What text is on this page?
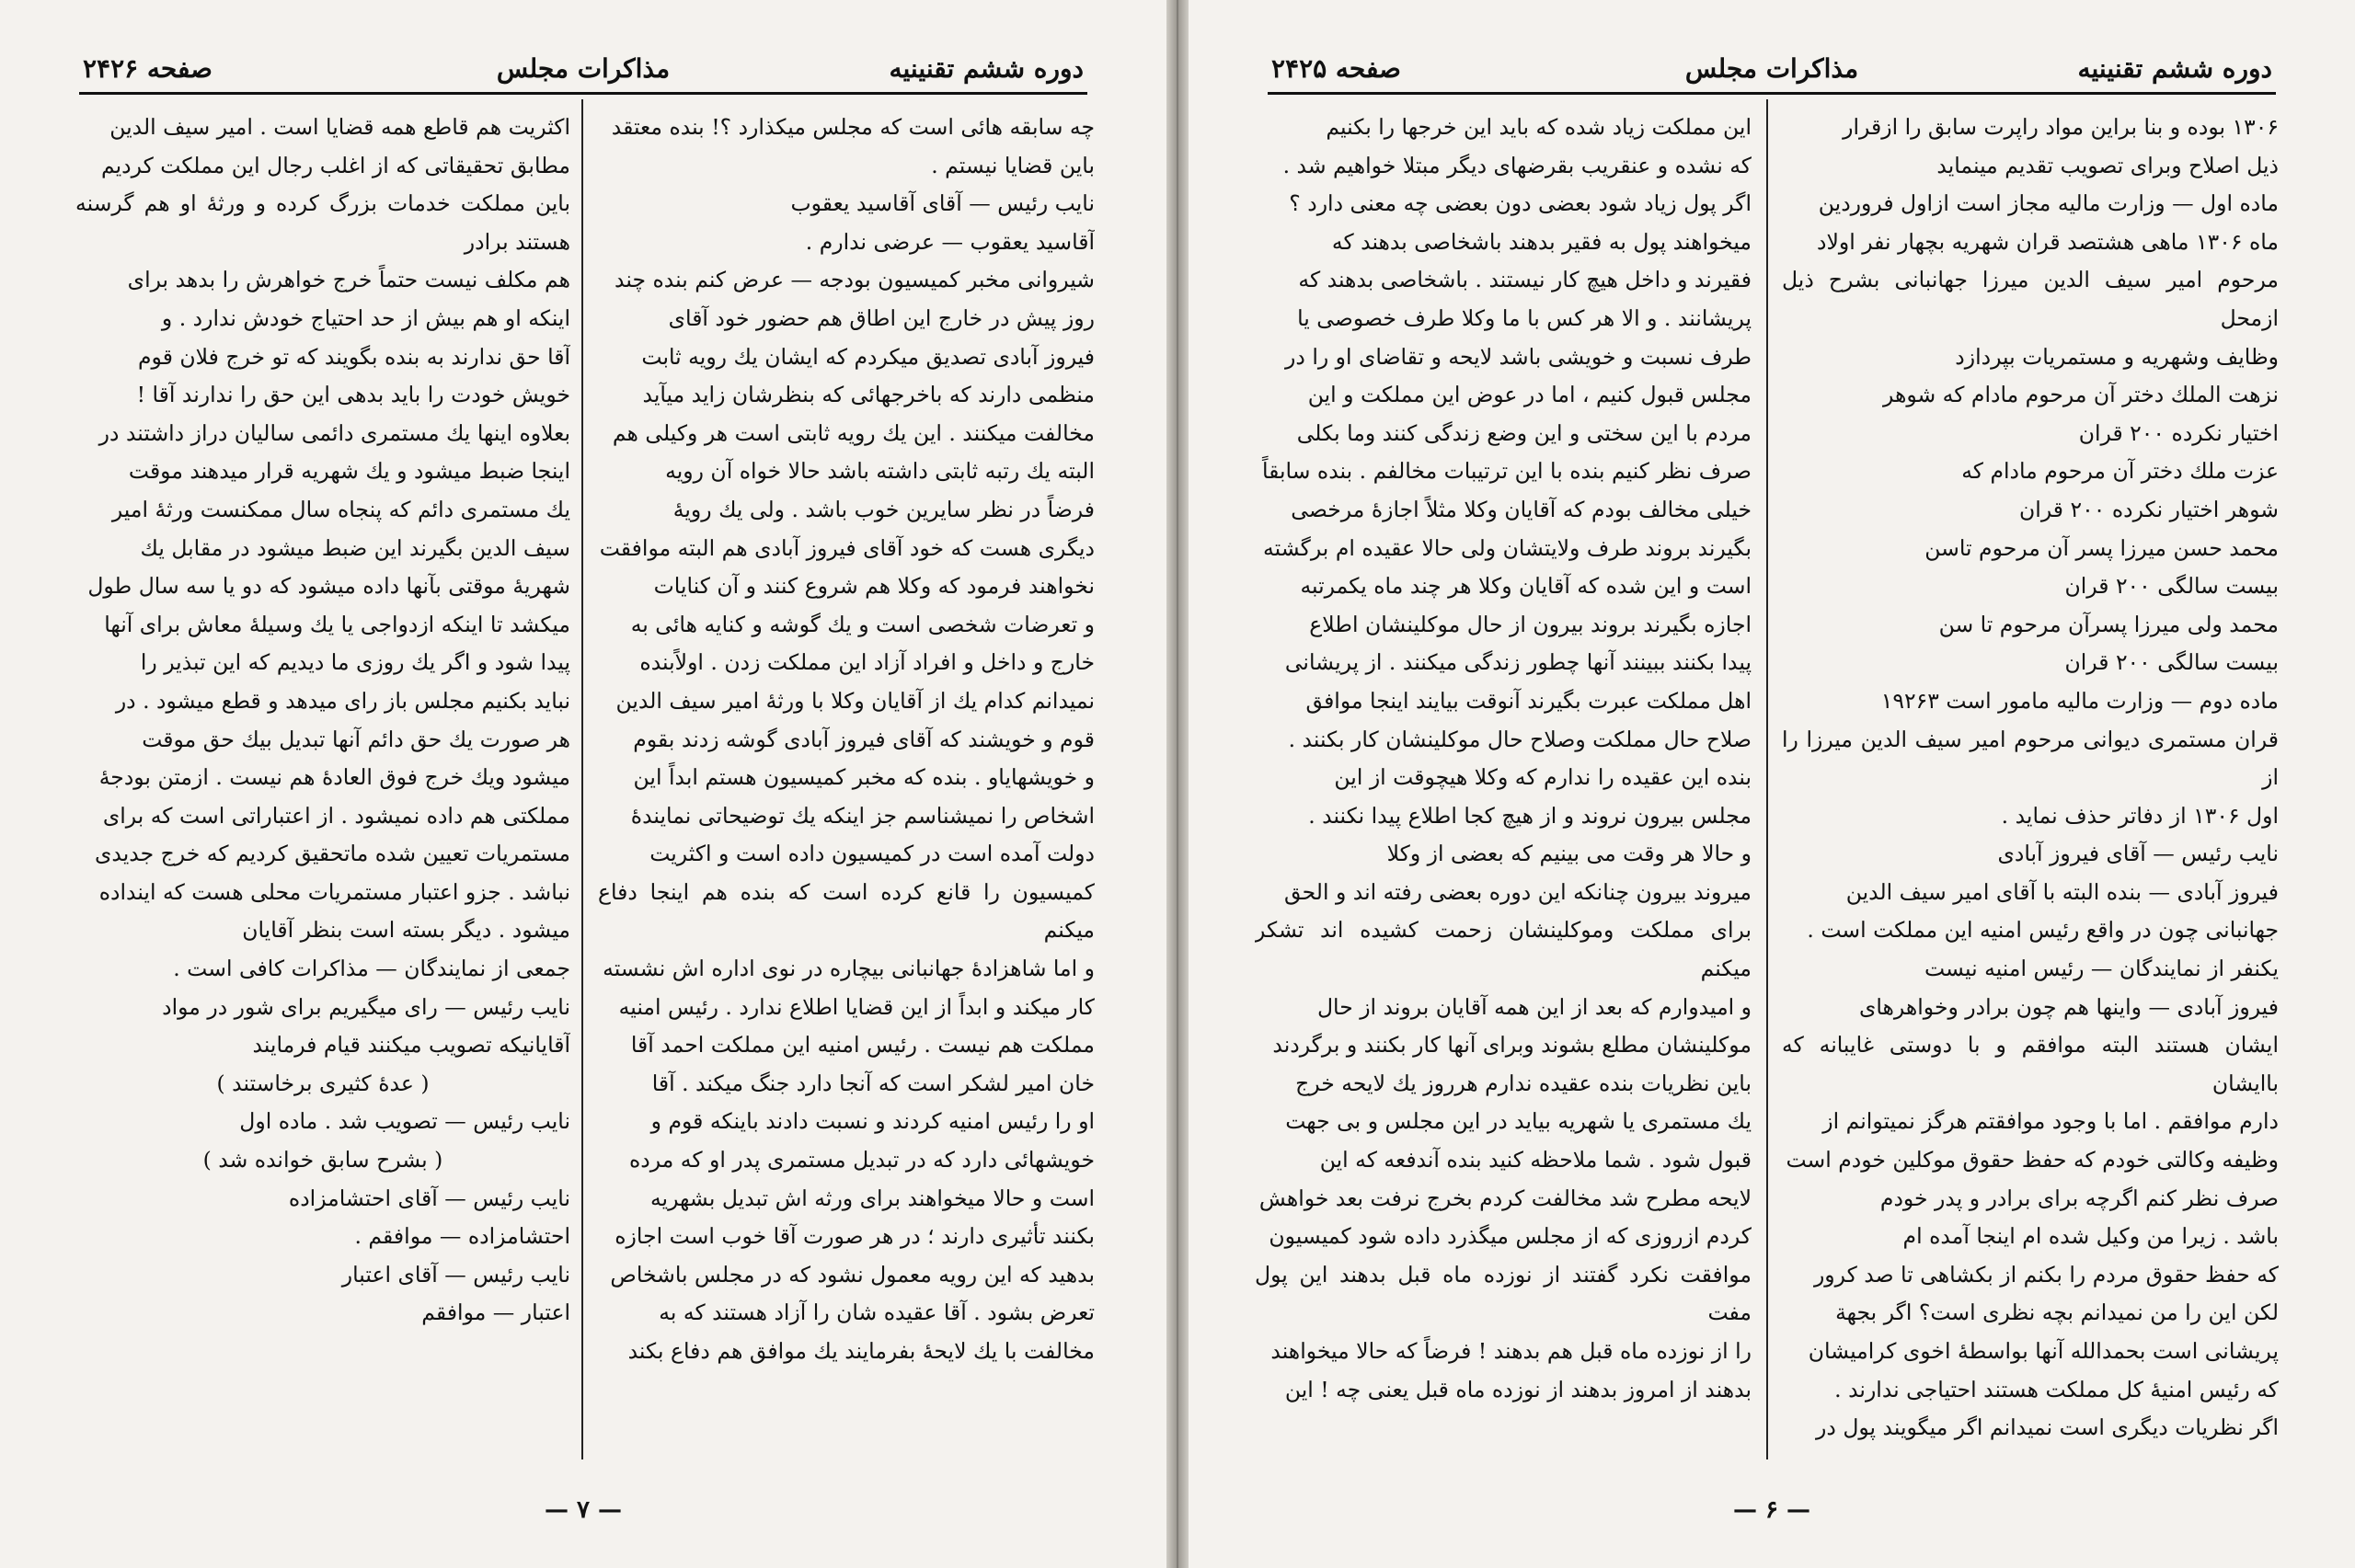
دوره ششم تقنینیه
مذاکرات مجلس
صفحه ۲۴۲۶

چه سابقه هائی است که مجلس میکذارد ؟! بنده معتقد

باین قضایا نیستم .

نایب رئیس — آقای آقاسید یعقوب

آقاسید یعقوب — عرضی ندارم .

شیروانی مخبر کمیسیون بودجه — عرض کنم بنده چند

روز پیش در خارج این اطاق هم حضور خود آقای

فیروز آبادی تصدیق میکردم که ایشان یك رویه ثابت

منظمی دارند که باخرجهائی که بنظرشان زاید میآید

مخالفت میکنند . این یك رویه ثابتی است هر وکیلی هم

البته یك رتبه ثابتی داشته باشد حالا خواه آن رویه

فرضاً در نظر سایرین خوب باشد . ولی یك رویهٔ

دیگری هست که خود آقای فیروز آبادی هم البته موافقت

نخواهند فرمود که وکلا هم شروع کنند و آن کنایات

و تعرضات شخصی است و یك گوشه و کنایه هائی به

خارج و داخل و افراد آزاد این مملکت زدن . اولاًبنده

نمیدانم کدام یك از آقایان وکلا با ورثهٔ امیر سیف الدین

قوم و خویشند که آقای فیروز آبادی گوشه زدند بقوم

و خویشهایاو . بنده که مخبر کمیسیون هستم ابداً این

اشخاص را نمیشناسم جز اینکه یك توضیحاتی نمایندهٔ

دولت آمده است در کمیسیون داده است و اکثریت

کمیسیون را قانع کرده است که بنده هم اینجا دفاع میکنم

و اما شاهزادهٔ جهانبانی بیچاره در نوی اداره اش نشسته

کار میکند و ابداً از این قضایا اطلاع ندارد . رئیس امنیه

مملکت هم نیست . رئیس امنیه این مملکت احمد آقا

خان امیر لشکر است که آنجا دارد جنگ میکند . آقا

او را رئیس امنیه کردند و نسبت دادند باینکه قوم و

خویشهائی دارد که در تبدیل مستمری پدر او که مرده

است و حالا میخواهند برای ورثه اش تبدیل بشهریه

بکنند تأثیری دارند ؛ در هر صورت آقا خوب است اجازه

بدهید که این رویه معمول نشود که در مجلس باشخاص

تعرض بشود . آقا عقیده شان را آزاد هستند که به

مخالفت با یك لایحهٔ بفرمایند یك موافق هم دفاع بکند

اکثریت هم قاطع همه قضایا است . امیر سیف الدین

مطابق تحقیقاتی که از اغلب رجال این مملکت کردیم

باین مملکت خدمات بزرگ کرده و ورثهٔ او هم گرسنه هستند برادر

هم مکلف نیست حتماً خرج خواهرش را بدهد برای

اینکه او هم بیش از حد احتیاج خودش ندارد . و

آقا حق ندارند به بنده بگویند که تو خرج فلان قوم

خویش خودت را باید بدهی این حق را ندارند آقا !

بعلاوه اینها یك مستمری دائمی سالیان دراز داشتند در

اینجا ضبط میشود و یك شهریه قرار میدهند موقت

یك مستمری دائم که پنجاه سال ممکنست ورثهٔ امیر

سیف الدین بگیرند این ضبط میشود در مقابل یك

شهریهٔ موقتی بآنها داده میشود که دو یا سه سال طول

میکشد تا اینکه ازدواجی یا یك وسیلهٔ معاش برای آنها

پیدا شود و اگر یك روزی ما دیدیم که این تبذیر را

نباید بکنیم مجلس باز رای میدهد و قطع میشود . در

هر صورت یك حق دائم آنها تبدیل بیك حق موقت

میشود ویك خرج فوق العادهٔ هم نیست . ازمتن بودجهٔ

مملکتی هم داده نمیشود . از اعتباراتی است که برای

مستمریات تعیین شده ماتحقیق کردیم که خرج جدیدی

نباشد . جزو اعتبار مستمریات محلی هست که اینداده

میشود . دیگر بسته است بنظر آقایان

جمعی از نمایندگان — مذاکرات کافی است .

نایب رئیس — رای میگیریم برای شور در مواد

آقایانیکه تصویب میکنند قیام فرمایند

( عدهٔ کثیری برخاستند )

نایب رئیس — تصویب شد . ماده اول

( بشرح سابق خوانده شد )

نایب رئیس — آقای احتشامزاده

احتشامزاده — موافقم .

نایب رئیس — آقای اعتبار

اعتبار — موافقم

— ۷ —
دوره ششم تقنینیه
مذاکرات مجلس
صفحه ۲۴۲۵

۱۳۰۶ بوده و بنا براین مواد راپرت سابق را ازقرار

ذیل اصلاح وبرای تصویب تقدیم مینماید

ماده اول — وزارت مالیه مجاز است ازاول فروردین

ماه ۱۳۰۶ ماهی هشتصد قران شهریه بچهار نفر اولاد

مرحوم امیر سیف الدین میرزا جهانبانی بشرح ذیل ازمحل

وظایف وشهریه و مستمریات بپردازد

نزهت الملك دختر آن مرحوم مادام که شوهر

اختیار نکرده ۲۰۰ قران

عزت ملك دختر آن مرحوم مادام که

شوهر اختیار نکرده ۲۰۰ قران

محمد حسن میرزا پسر آن مرحوم تاسن

بیست سالگی ۲۰۰ قران

محمد ولی میرزا پسرآن مرحوم تا سن

بیست سالگی ۲۰۰ قران

ماده دوم — وزارت مالیه مامور است ۱۹۲۶۳

قران مستمری دیوانی مرحوم امیر سیف الدین میرزا را از

اول ۱۳۰۶ از دفاتر حذف نماید .

نایب رئیس — آقای فیروز آبادی

فیروز آبادی — بنده البته با آقای امیر سیف الدین

جهانبانی چون در واقع رئیس امنیه این مملکت است .

یکنفر از نمایندگان — رئیس امنیه نیست

فیروز آبادی — واینها هم چون برادر وخواهرهای

ایشان هستند البته موافقم و با دوستی غایبانه که باایشان

دارم موافقم . اما با وجود موافقتم هرگز نمیتوانم از

وظیفه وکالتی خودم که حفظ حقوق موکلین خودم است

صرف نظر کنم اگرچه برای برادر و پدر خودم

باشد . زیرا من وکیل شده ام اینجا آمده ام

که حفظ حقوق مردم را بکنم از بکشاهی تا صد کرور

لکن این را من نمیدانم بچه نظری است؟ اگر بجهة

پریشانی است بحمدالله آنها بواسطهٔ اخوی کرامیشان

که رئیس امنیهٔ کل مملکت هستند احتیاجی ندارند .

اگر نظریات دیگری است نمیدانم اگر میگویند پول در

این مملکت زیاد شده که باید این خرجها را بکنیم

که نشده و عنقریب بقرضهای دیگر مبتلا خواهیم شد .

اگر پول زیاد شود بعضی دون بعضی چه معنی دارد ؟

میخواهند پول به فقیر بدهند باشخاصی بدهند که

فقیرند و داخل هیچ کار نیستند . باشخاصی بدهند که

پریشانند . و الا هر کس با ما وکلا طرف خصوصی یا

طرف نسبت و خویشی باشد لایحه و تقاضای او را در

مجلس قبول کنیم ، اما در عوض این مملکت و این

مردم با این سختی و این وضع زندگی کنند وما بکلی

صرف نظر کنیم بنده با این ترتیبات مخالفم . بنده سابقاً

خیلی مخالف بودم که آقایان وکلا مثلاً اجازهٔ مرخصی

بگیرند بروند طرف ولایتشان ولی حالا عقیده ام برگشته

است و این شده که آقایان وکلا هر چند ماه یکمرتبه

اجازه بگیرند بروند بیرون از حال موکلینشان اطلاع

پیدا بکنند ببینند آنها چطور زندگی میکنند . از پریشانی

اهل مملکت عبرت بگیرند آنوقت بیایند اینجا موافق

صلاح حال مملکت وصلاح حال موکلینشان کار بکنند .

بنده این عقیده را ندارم که وکلا هیچوقت از این

مجلس بیرون نروند و از هیچ کجا اطلاع پیدا نکنند .

و حالا هر وقت می بینیم که بعضی از وکلا

میروند بیرون چنانکه این دوره بعضی رفته اند و الحق

برای مملکت وموکلینشان زحمت کشیده اند تشکر میکنم

و امیدوارم که بعد از این همه آقایان بروند از حال

موکلینشان مطلع بشوند وبرای آنها کار بکنند و برگردند

باین نظریات بنده عقیده ندارم هرروز یك لایحه خرج

یك مستمری یا شهریه بیاید در این مجلس و بی جهت

قبول شود . شما ملاحظه کنید بنده آندفعه که این

لایحه مطرح شد مخالفت کردم بخرج نرفت بعد خواهش

کردم ازروزی که از مجلس میگذرد داده شود کمیسیون

موافقت نکرد گفتند از نوزده ماه قبل بدهند این پول مفت

را از نوزده ماه قبل هم بدهند ! فرضاً که حالا میخواهند

بدهند از امروز بدهند از نوزده ماه قبل یعنی چه ! این

— ۶ —
